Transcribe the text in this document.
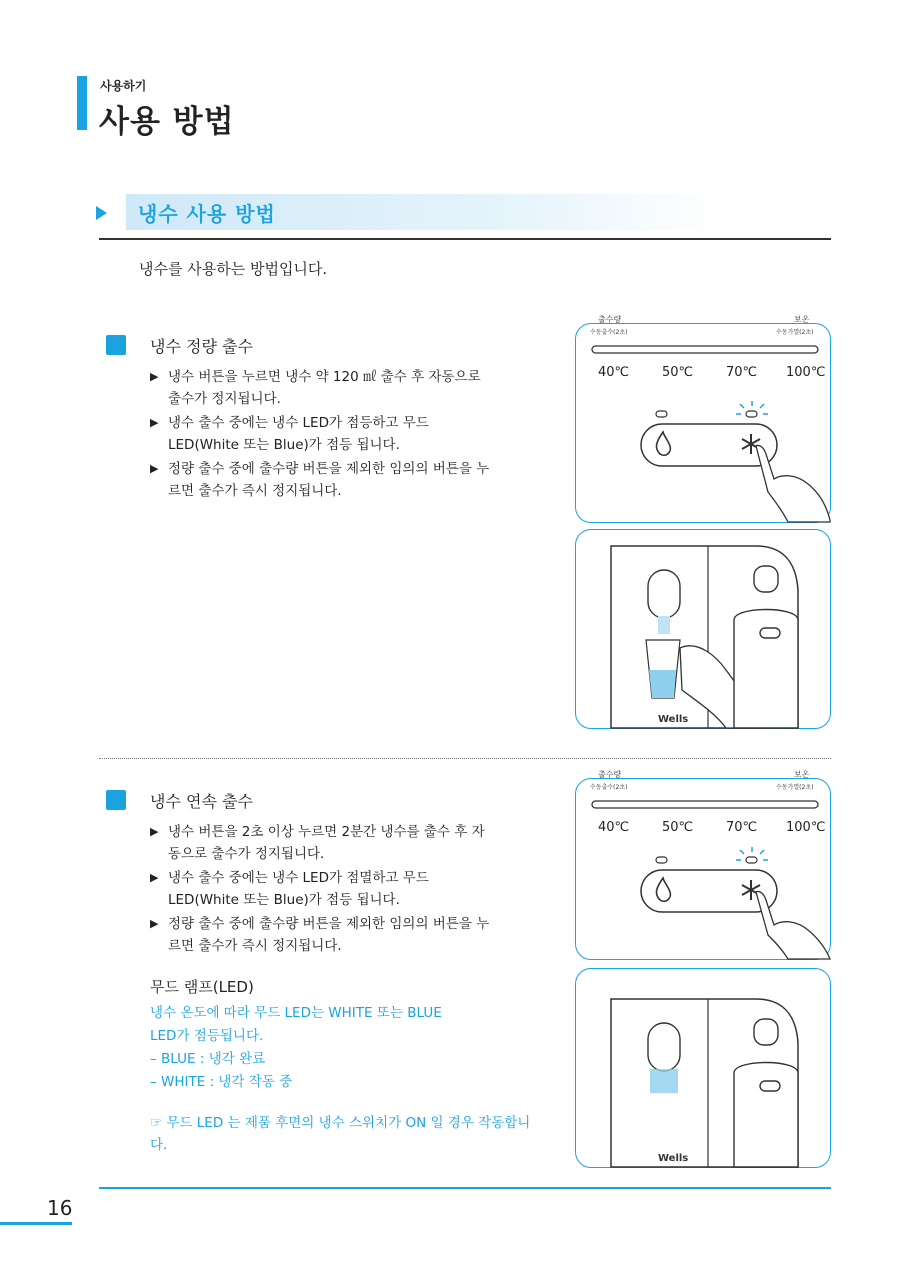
사용하기
사용 방법
냉수 사용 방법
냉수를 사용하는 방법입니다.
냉수 정량 출수
▶ 냉수 버튼을 누르면 냉수 약 120 ㎖ 출수 후 자동으로 출수가 정지됩니다.
▶ 냉수 출수 중에는 냉수 LED가 점등하고 무드 LED(White 또는 Blue)가 점등 됩니다.
▶ 정량 출수 중에 출수량 버튼을 제외한 임의의 버튼을 누르면 출수가 즉시 정지됩니다.
냉수 연속 출수
▶ 냉수 버튼을 2초 이상 누르면 2분간 냉수를 출수 후 자동으로 출수가 정지됩니다.
▶ 냉수 출수 중에는 냉수 LED가 점멸하고 무드 LED(White 또는 Blue)가 점등 됩니다.
▶ 정량 출수 중에 출수량 버튼을 제외한 임의의 버튼을 누르면 출수가 즉시 정지됩니다.
무드 램프(LED)
냉수 온도에 따라 무드 LED는 WHITE 또는 BLUE
LED가 점등됩니다.
– BLUE : 냉각 완료
– WHITE : 냉각 작동 중
☞ 무드 LED 는 제품 후면의 냉수 스위치가 ON 일 경우 작동합니다.
출수량
수동출수(2초)
보온
수동가열(2초)
40℃	50℃	70℃ 100℃
Wells
출수량
수동출수(2초)
보온
수동가열(2초)
40℃	50℃	70℃ 100℃
Wells
16
